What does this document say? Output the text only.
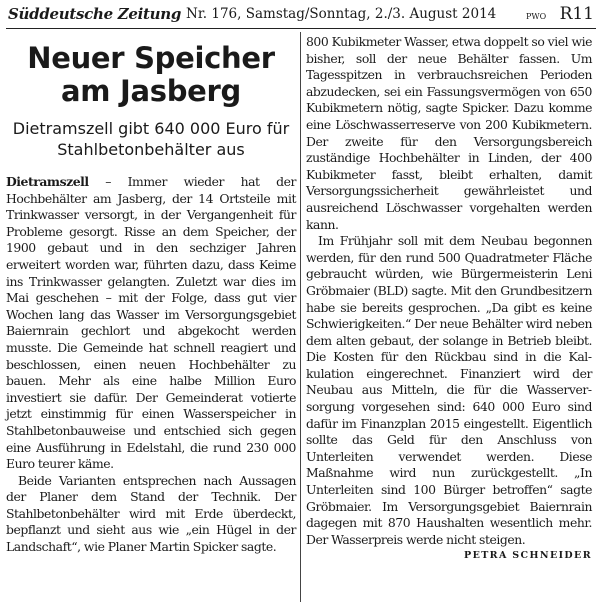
Süddeutsche Zeitung Nr. 176, Samstag/Sonntag, 2./3. August 2014	PWO R11
Neuer Speicher am Jasberg
Dietramszell gibt 640 000 Euro für Stahlbetonbehälter aus

Dietramszell – Immer wieder hat der Hochbehälter am Jasberg, der 14 Ortsteile mit Trinkwasser versorgt, in der Vergangenheit für Probleme gesorgt. Risse an dem Speicher, der 1900 gebaut und in den sechziger Jahren erweitert worden war, führten dazu, dass Keime ins Trinkwasser gelangten. Zuletzt war dies im Mai geschehen – mit der Folge, dass gut vier Wochen lang das Wasser im Versorgungsgebiet Baiernrain gechlort und abgekocht werden musste. Die Gemeinde hat schnell reagiert und beschlossen, einen neuen Hochbehälter zu bauen. Mehr als eine halbe Million Euro investiert sie dafür. Der Gemeinderat votierte jetzt einstimmig für einen Wasserspeicher in Stahlbetonbauweise und entschied sich gegen eine Ausführung in Edelstahl, die rund 230 000 Euro teurer käme.

Beide Varianten entsprechen nach Aussagen der Planer dem Stand der Technik. Der Stahlbetonbehälter wird mit Erde überdeckt, bepflanzt und sieht aus wie „ein Hügel in der Landschaft“, wie Planer Martin Spicker sagte.

800 Kubikmeter Wasser, etwa doppelt so viel wie bisher, soll der neue Behälter fassen. Um Tagesspitzen in verbrauchsreichen Perioden abzudecken, sei ein Fassungsvermögen von 650 Kubikmetern nötig, sagte Spicker. Dazu komme eine Löschwasserreserve von 200 Kubikmetern. Der zweite für den Versorgungsbereich zuständige Hochbehälter in Linden, der 400 Kubikmeter fasst, bleibt erhalten, damit Versorgungssicherheit gewährleistet und ausreichend Löschwasser vorgehalten werden kann.

Im Frühjahr soll mit dem Neubau begonnen werden, für den rund 500 Quadratmeter Fläche gebraucht würden, wie Bürgermeisterin Leni Gröbmaier (BLD) sagte. Mit den Grundbesitzern habe sie bereits gesprochen. „Da gibt es keine Schwierigkeiten.“ Der neue Behälter wird neben dem alten gebaut, der solange in Betrieb bleibt. Die Kosten für den Rückbau sind in die Kalkulation eingerechnet. Finanziert wird der Neubau aus Mitteln, die für die Wasserversorgung vorgesehen sind: 640 000 Euro sind dafür im Finanzplan 2015 eingestellt. Eigentlich sollte das Geld für den Anschluss von Unterleiten verwendet werden. Diese Maßnahme wird nun zurückgestellt. „In Unterleiten sind 100 Bürger betroffen“ sagte Gröbmaier. Im Versorgungsgebiet Baiernrain dagegen mit 870 Haushalten wesentlich mehr. Der Wasserpreis werde nicht steigen.
PETRA SCHNEIDER
